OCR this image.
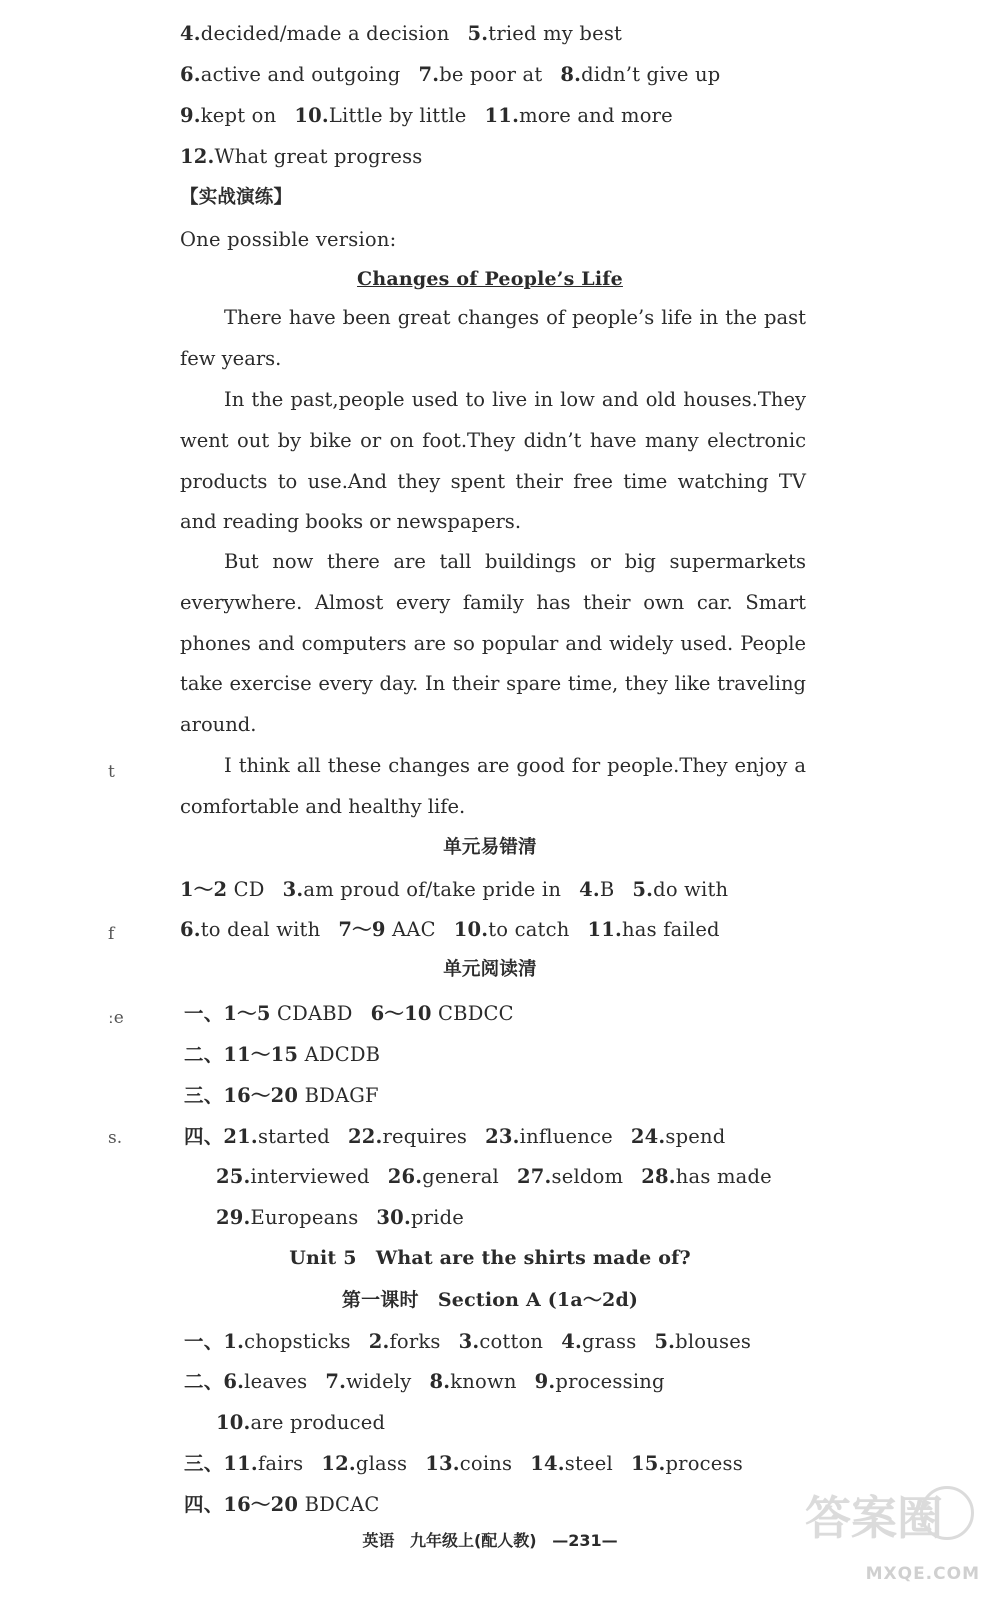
4.decided/made a decision 5.tried my best
6.active and outgoing 7.be poor at 8.didn’t give up
9.kept on 10.Little by little 11.more and more
12.What great progress
【实战演练】
One possible version:
Changes of People’s Life
There have been great changes of people’s life in the past few years.
In the past,people used to live in low and old houses.They went out by bike or on foot.They didn’t have many electronic products to use.And they spent their free time watching TV and reading books or newspapers.
But now there are tall buildings or big supermarkets everywhere. Almost every family has their own car. Smart phones and computers are so popular and widely used. People take exercise every day. In their spare time, they like traveling around.
I think all these changes are good for people.They enjoy a comfortable and healthy life.
单元易错清
1～2 CD 3.am proud of/take pride in 4.B 5.do with
6.to deal with 7～9 AAC 10.to catch 11.has failed
单元阅读清
一、1～5 CDABD 6～10 CBDCC
二、11～15 ADCDB
三、16～20 BDAGF
四、21.started 22.requires 23.influence 24.spend
25.interviewed 26.general 27.seldom 28.has made
29.Europeans 30.pride
Unit 5　What are the shirts made of?
第一课时　Section A (1a～2d)
一、1.chopsticks 2.forks 3.cotton 4.grass 5.blouses
二、6.leaves 7.widely 8.known 9.processing
10.are produced
三、11.fairs 12.glass 13.coins 14.steel 15.process
四、16～20 BDCAC
t
f
ːe
s.
英语 九年级上(配人教) —231—	答案圈
MXQE.COM
